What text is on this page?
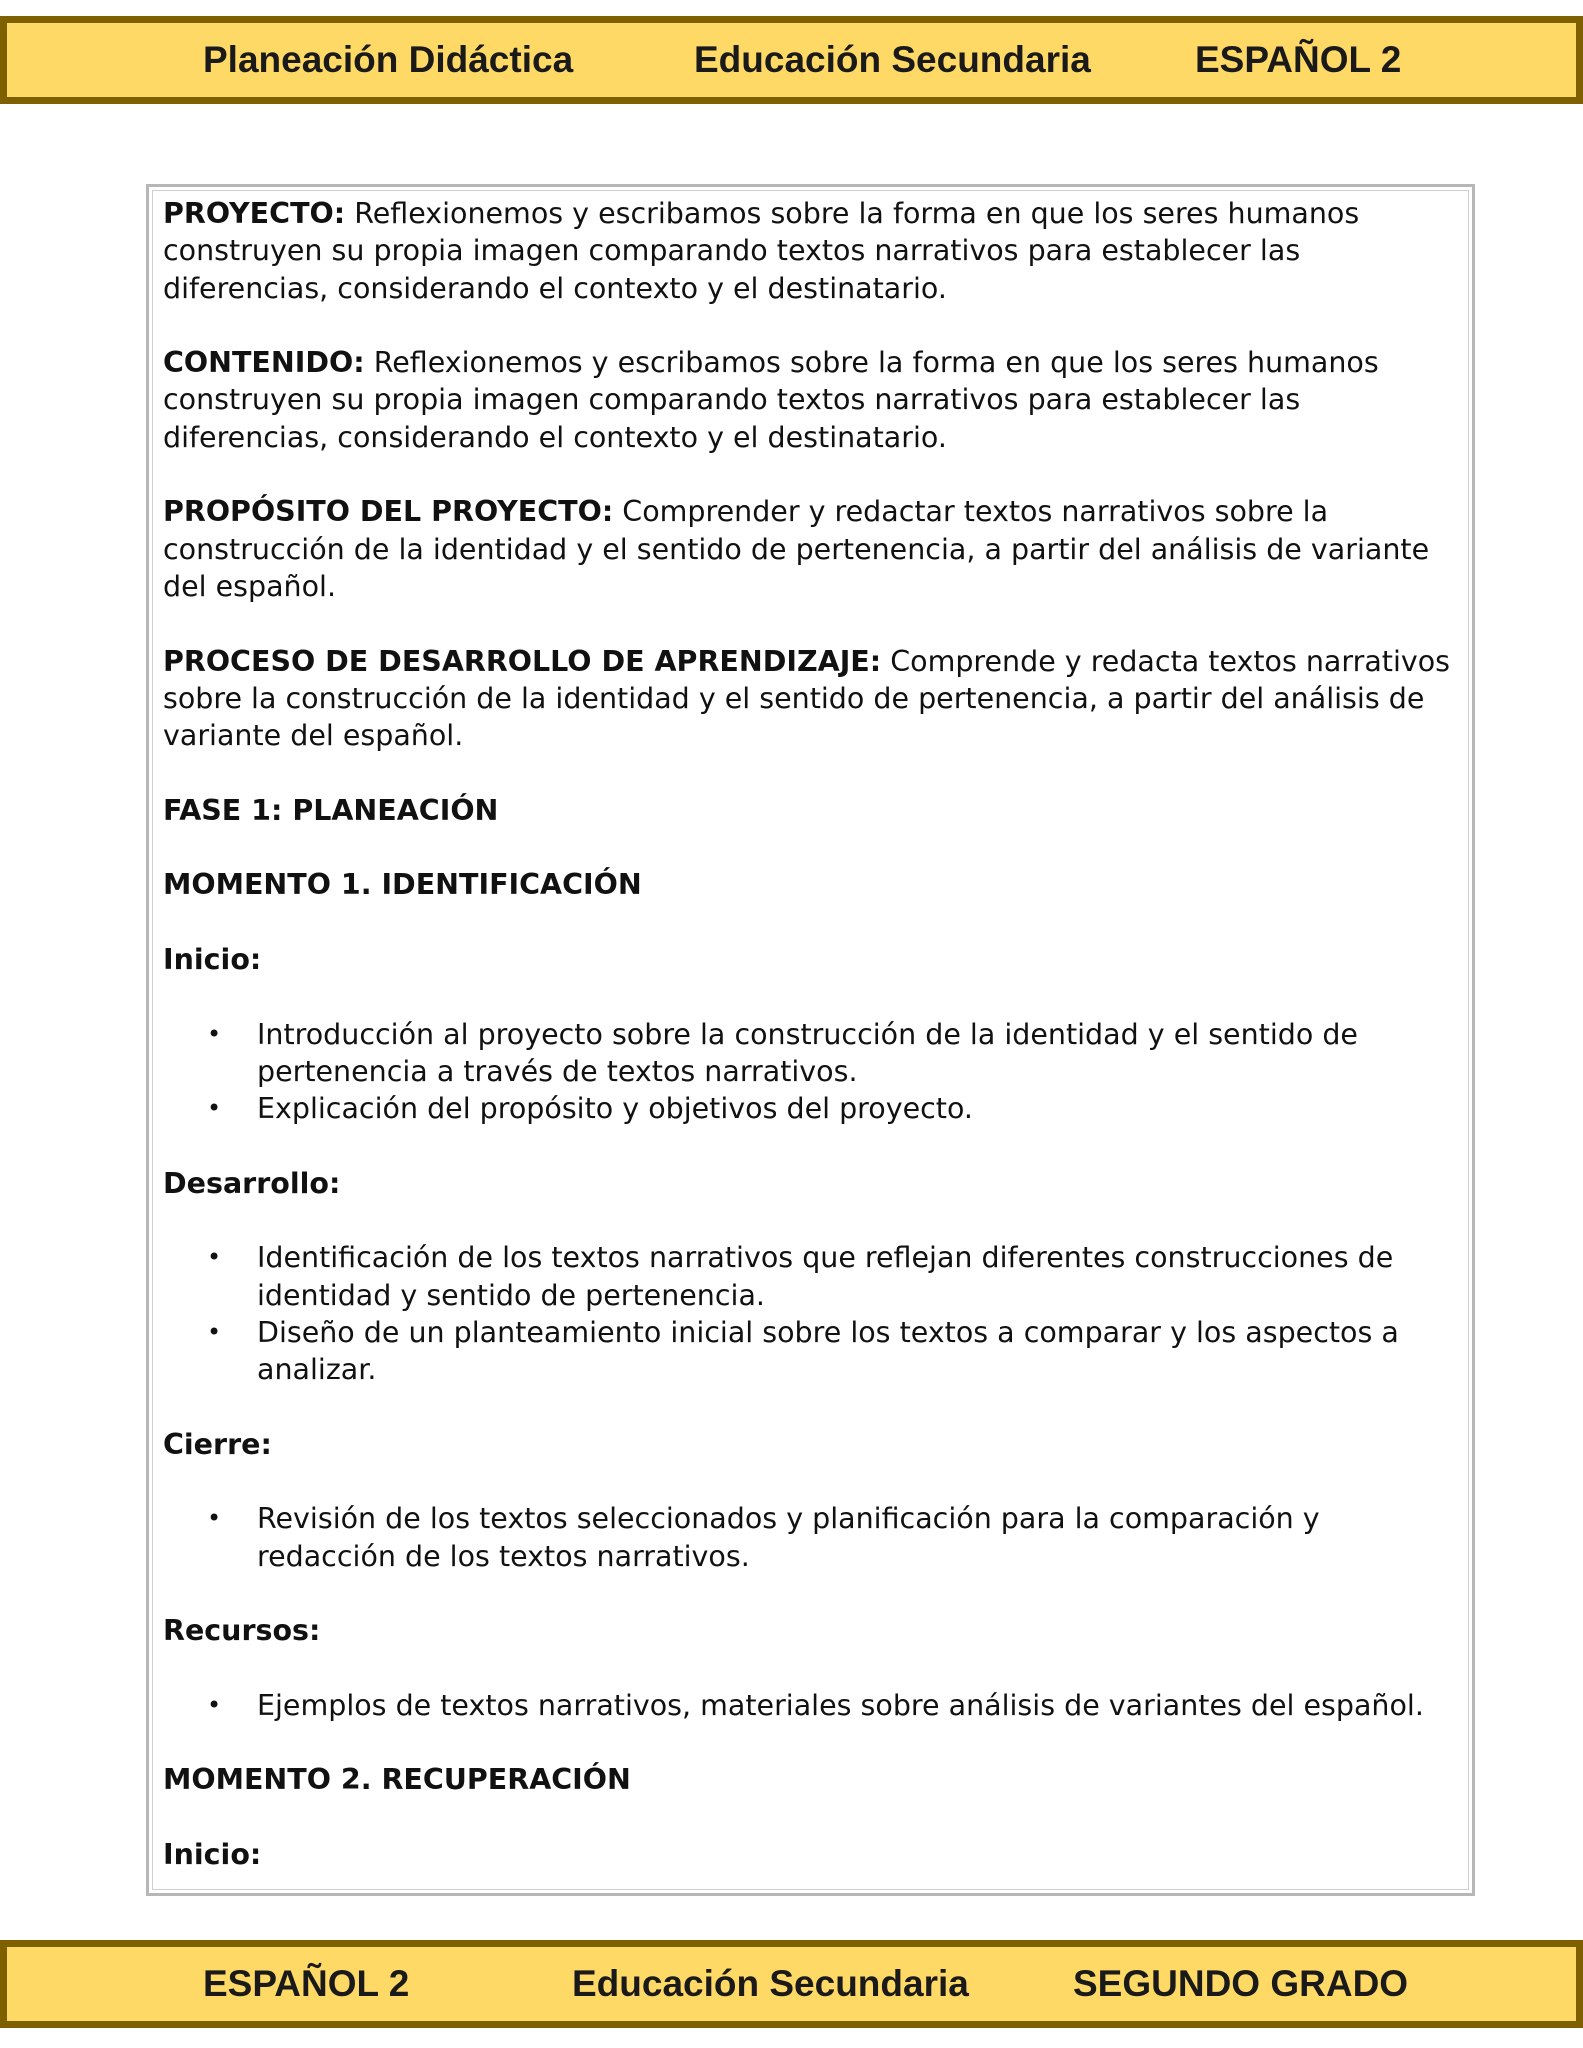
Planeación Didáctica	Educación Secundaria	ESPAÑOL 2

PROYECTO: Reflexionemos y escribamos sobre la forma en que los seres humanos construyen su propia imagen comparando textos narrativos para establecer las diferencias, considerando el contexto y el destinatario.

CONTENIDO: Reflexionemos y escribamos sobre la forma en que los seres humanos construyen su propia imagen comparando textos narrativos para establecer las diferencias, considerando el contexto y el destinatario.

PROPÓSITO DEL PROYECTO: Comprender y redactar textos narrativos sobre la construcción de la identidad y el sentido de pertenencia, a partir del análisis de variante del español.

PROCESO DE DESARROLLO DE APRENDIZAJE: Comprende y redacta textos narrativos sobre la construcción de la identidad y el sentido de pertenencia, a partir del análisis de variante del español.

FASE 1: PLANEACIÓN

MOMENTO 1. IDENTIFICACIÓN

Inicio:

• Introducción al proyecto sobre la construcción de la identidad y el sentido de pertenencia a través de textos narrativos.
• Explicación del propósito y objetivos del proyecto.

Desarrollo:

• Identificación de los textos narrativos que reflejan diferentes construcciones de identidad y sentido de pertenencia.
• Diseño de un planteamiento inicial sobre los textos a comparar y los aspectos a analizar.

Cierre:

• Revisión de los textos seleccionados y planificación para la comparación y redacción de los textos narrativos.

Recursos:

• Ejemplos de textos narrativos, materiales sobre análisis de variantes del español.

MOMENTO 2. RECUPERACIÓN

Inicio:

ESPAÑOL 2	Educación Secundaria	SEGUNDO GRADO
